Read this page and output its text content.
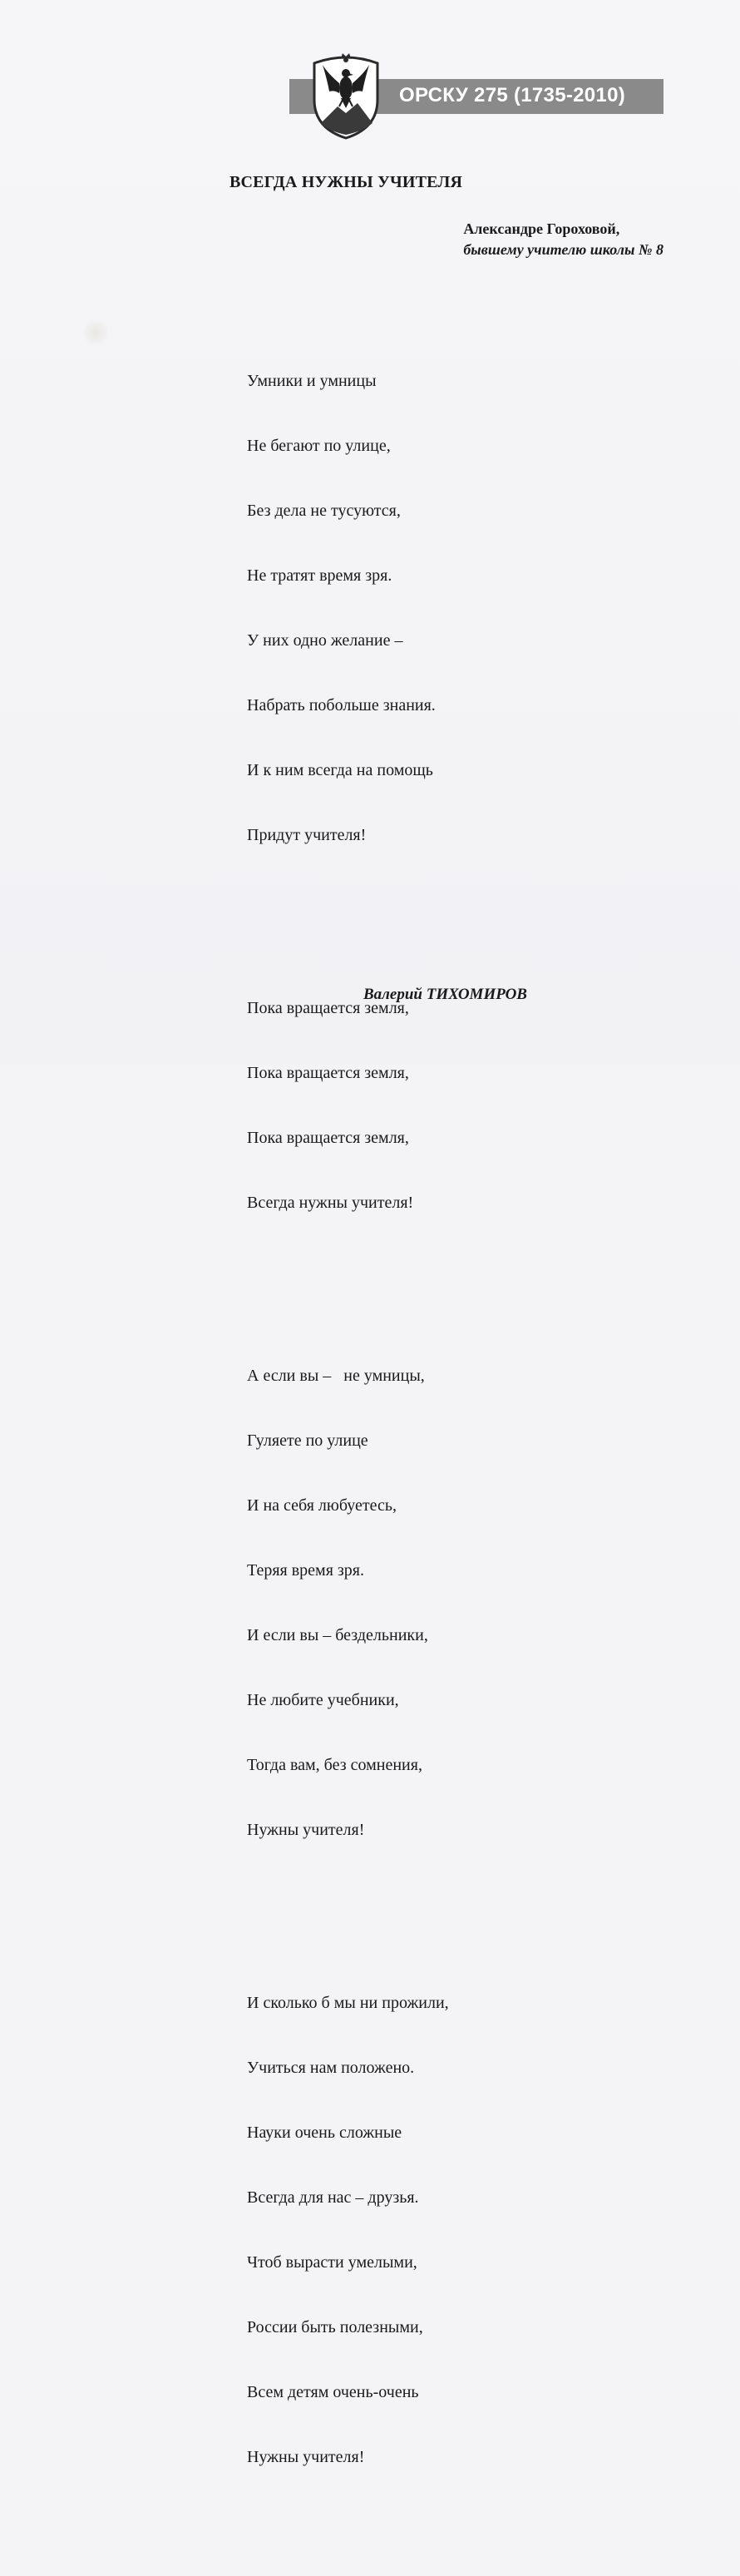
ОРСКУ 275 (1735-2010)
ВСЕГДА НУЖНЫ УЧИТЕЛЯ
Александре Гороховой,
бывшему учителю школы № 8

Умники и умницы

Не бегают по улице,

Без дела не тусуются,

Не тратят время зря.

У них одно желание –

Набрать побольше знания.

И к ним всегда на помощь

Придут учителя!

Пока вращается земля,

Пока вращается земля,

Пока вращается земля,

Всегда нужны учителя!

А если вы –   не умницы,

Гуляете по улице

И на себя любуетесь,

Теряя время зря.

И если вы – бездельники,

Не любите учебники,

Тогда вам, без сомнения,

Нужны учителя!

И сколько б мы ни прожили,

Учиться нам положено.

Науки очень сложные

Всегда для нас – друзья.

Чтоб вырасти умелыми,

России быть полезными,

Всем детям очень-очень

Нужны учителя!

Валерий ТИХОМИРОВ
